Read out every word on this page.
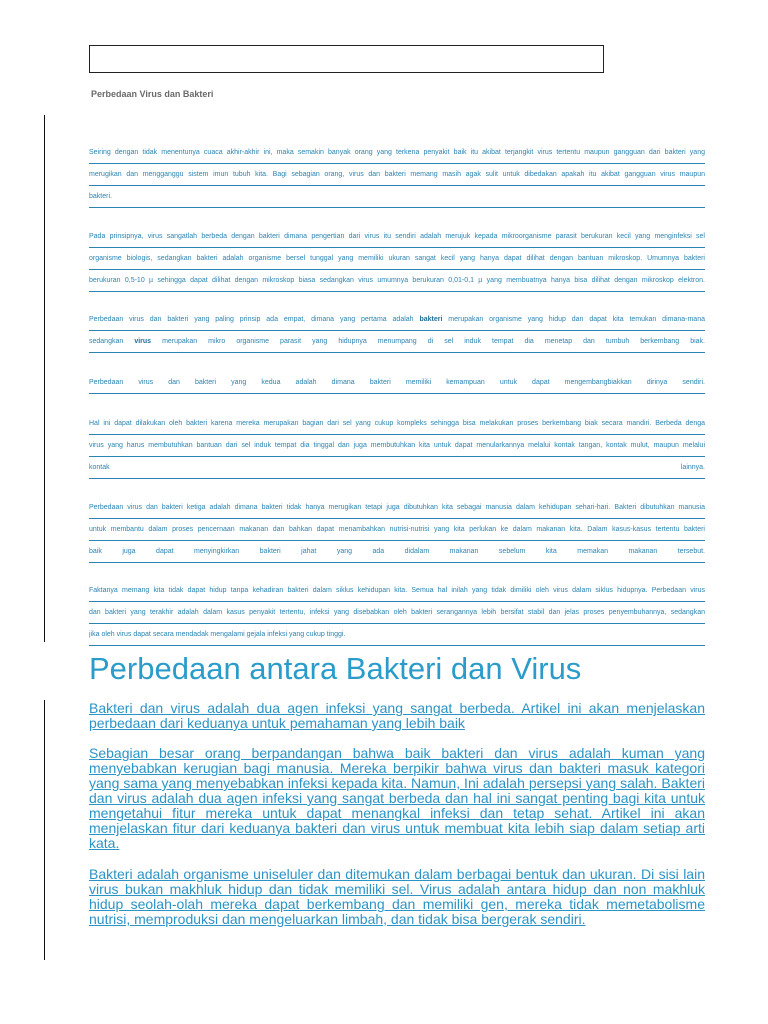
Perbedaan Virus dan Bakteri

Seiring dengan tidak menentunya cuaca akhir-akhir ini, maka semakin banyak orang yang terkena penyakit baik itu akibat terjangkit virus tertentu maupun gangguan dari bakteri yang
merugikan dan mengganggu sistem imun tubuh kita. Bagi sebagian orang, virus dan bakteri memang masih agak sulit untuk dibedakan apakah itu akibat gangguan virus maupun
bakteri.

Pada prinsipnya, virus sangatlah berbeda dengan bakteri dimana pengertian dari virus itu sendiri adalah merujuk kepada mikroorganisme parasit berukuran kecil yang menginfeksi sel
organisme biologis, sedangkan bakteri adalah organisme bersel tunggal yang memiliki ukuran sangat kecil yang hanya dapat dilihat dengan bantuan mikroskop. Umumnya bakteri
berukuran 0,5-10 µ sehingga dapat dilihat dengan mikroskop biasa sedangkan virus umumnya berukuran 0,01-0,1 µ yang membuatnya hanya bisa dilihat dengan mikroskop elektron.

Perbedaan virus dan bakteri yang paling prinsip ada empat, dimana yang pertama adalah bakteri merupakan organisme yang hidup dan dapat kita temukan dimana-mana
sedangkan virus merupakan mikro organisme parasit yang hidupnya menumpang di sel induk tempat dia menetap dan tumbuh berkembang biak.

Perbedaan virus dan bakteri yang kedua adalah dimana bakteri memiliki kemampuan untuk dapat mengembangbiakkan dirinya sendiri.

Hal ini dapat dilakukan oleh bakteri karena mereka merupakan bagian dari sel yang cukup kompleks sehingga bisa melakukan proses berkembang biak secara mandiri. Berbeda denga
virus yang harus membutuhkan bantuan dari sel induk tempat dia tinggal dan juga membutuhkan kita untuk dapat menularkannya melalui kontak tangan, kontak mulut, maupun melalui
kontak lainnya.

Perbedaan virus dan bakteri ketiga adalah dimana bakteri tidak hanya merugikan tetapi juga dibutuhkan kita sebagai manusia dalam kehidupan sehari-hari. Bakteri dibutuhkan manusia
untuk membantu dalam proses pencernaan makanan dan bahkan dapat menambahkan nutrisi-nutrisi yang kita perlukan ke dalam makanan kita. Dalam kasus-kasus tertentu bakteri
baik juga dapat menyingkirkan bakteri jahat yang ada didalam makanan sebelum kita memakan makanan tersebut.

Faktanya memang kita tidak dapat hidup tanpa kehadiran bakteri dalam siklus kehidupan kita. Semua hal inilah yang tidak dimiliki oleh virus dalam siklus hidupnya. Perbedaan virus
dan bakteri yang terakhir adalah dalam kasus penyakit tertentu, infeksi yang disebabkan oleh bakteri serangannya lebih bersifat stabil dan jelas proses penyembuhannya, sedangkan
jika oleh virus dapat secara mendadak mengalami gejala infeksi yang cukup tinggi.

Perbedaan antara Bakteri dan Virus

Bakteri dan virus adalah dua agen infeksi yang sangat berbeda. Artikel ini akan menjelaskan perbedaan dari keduanya untuk pemahaman yang lebih baik

Sebagian besar orang berpandangan bahwa baik bakteri dan virus adalah kuman yang menyebabkan kerugian bagi manusia. Mereka berpikir bahwa virus dan bakteri masuk kategori yang sama yang menyebabkan infeksi kepada kita. Namun, Ini adalah persepsi yang salah. Bakteri dan virus adalah dua agen infeksi yang sangat berbeda dan hal ini sangat penting bagi kita untuk mengetahui fitur mereka untuk dapat menangkal infeksi dan tetap sehat. Artikel ini akan menjelaskan fitur dari keduanya bakteri dan virus untuk membuat kita lebih siap dalam setiap arti kata.

Bakteri adalah organisme uniseluler dan ditemukan dalam berbagai bentuk dan ukuran. Di sisi lain virus bukan makhluk hidup dan tidak memiliki sel. Virus adalah antara hidup dan non makhluk hidup seolah-olah mereka dapat berkembang dan memiliki gen, mereka tidak memetabolisme nutrisi, memproduksi dan mengeluarkan limbah, dan tidak bisa bergerak sendiri.
